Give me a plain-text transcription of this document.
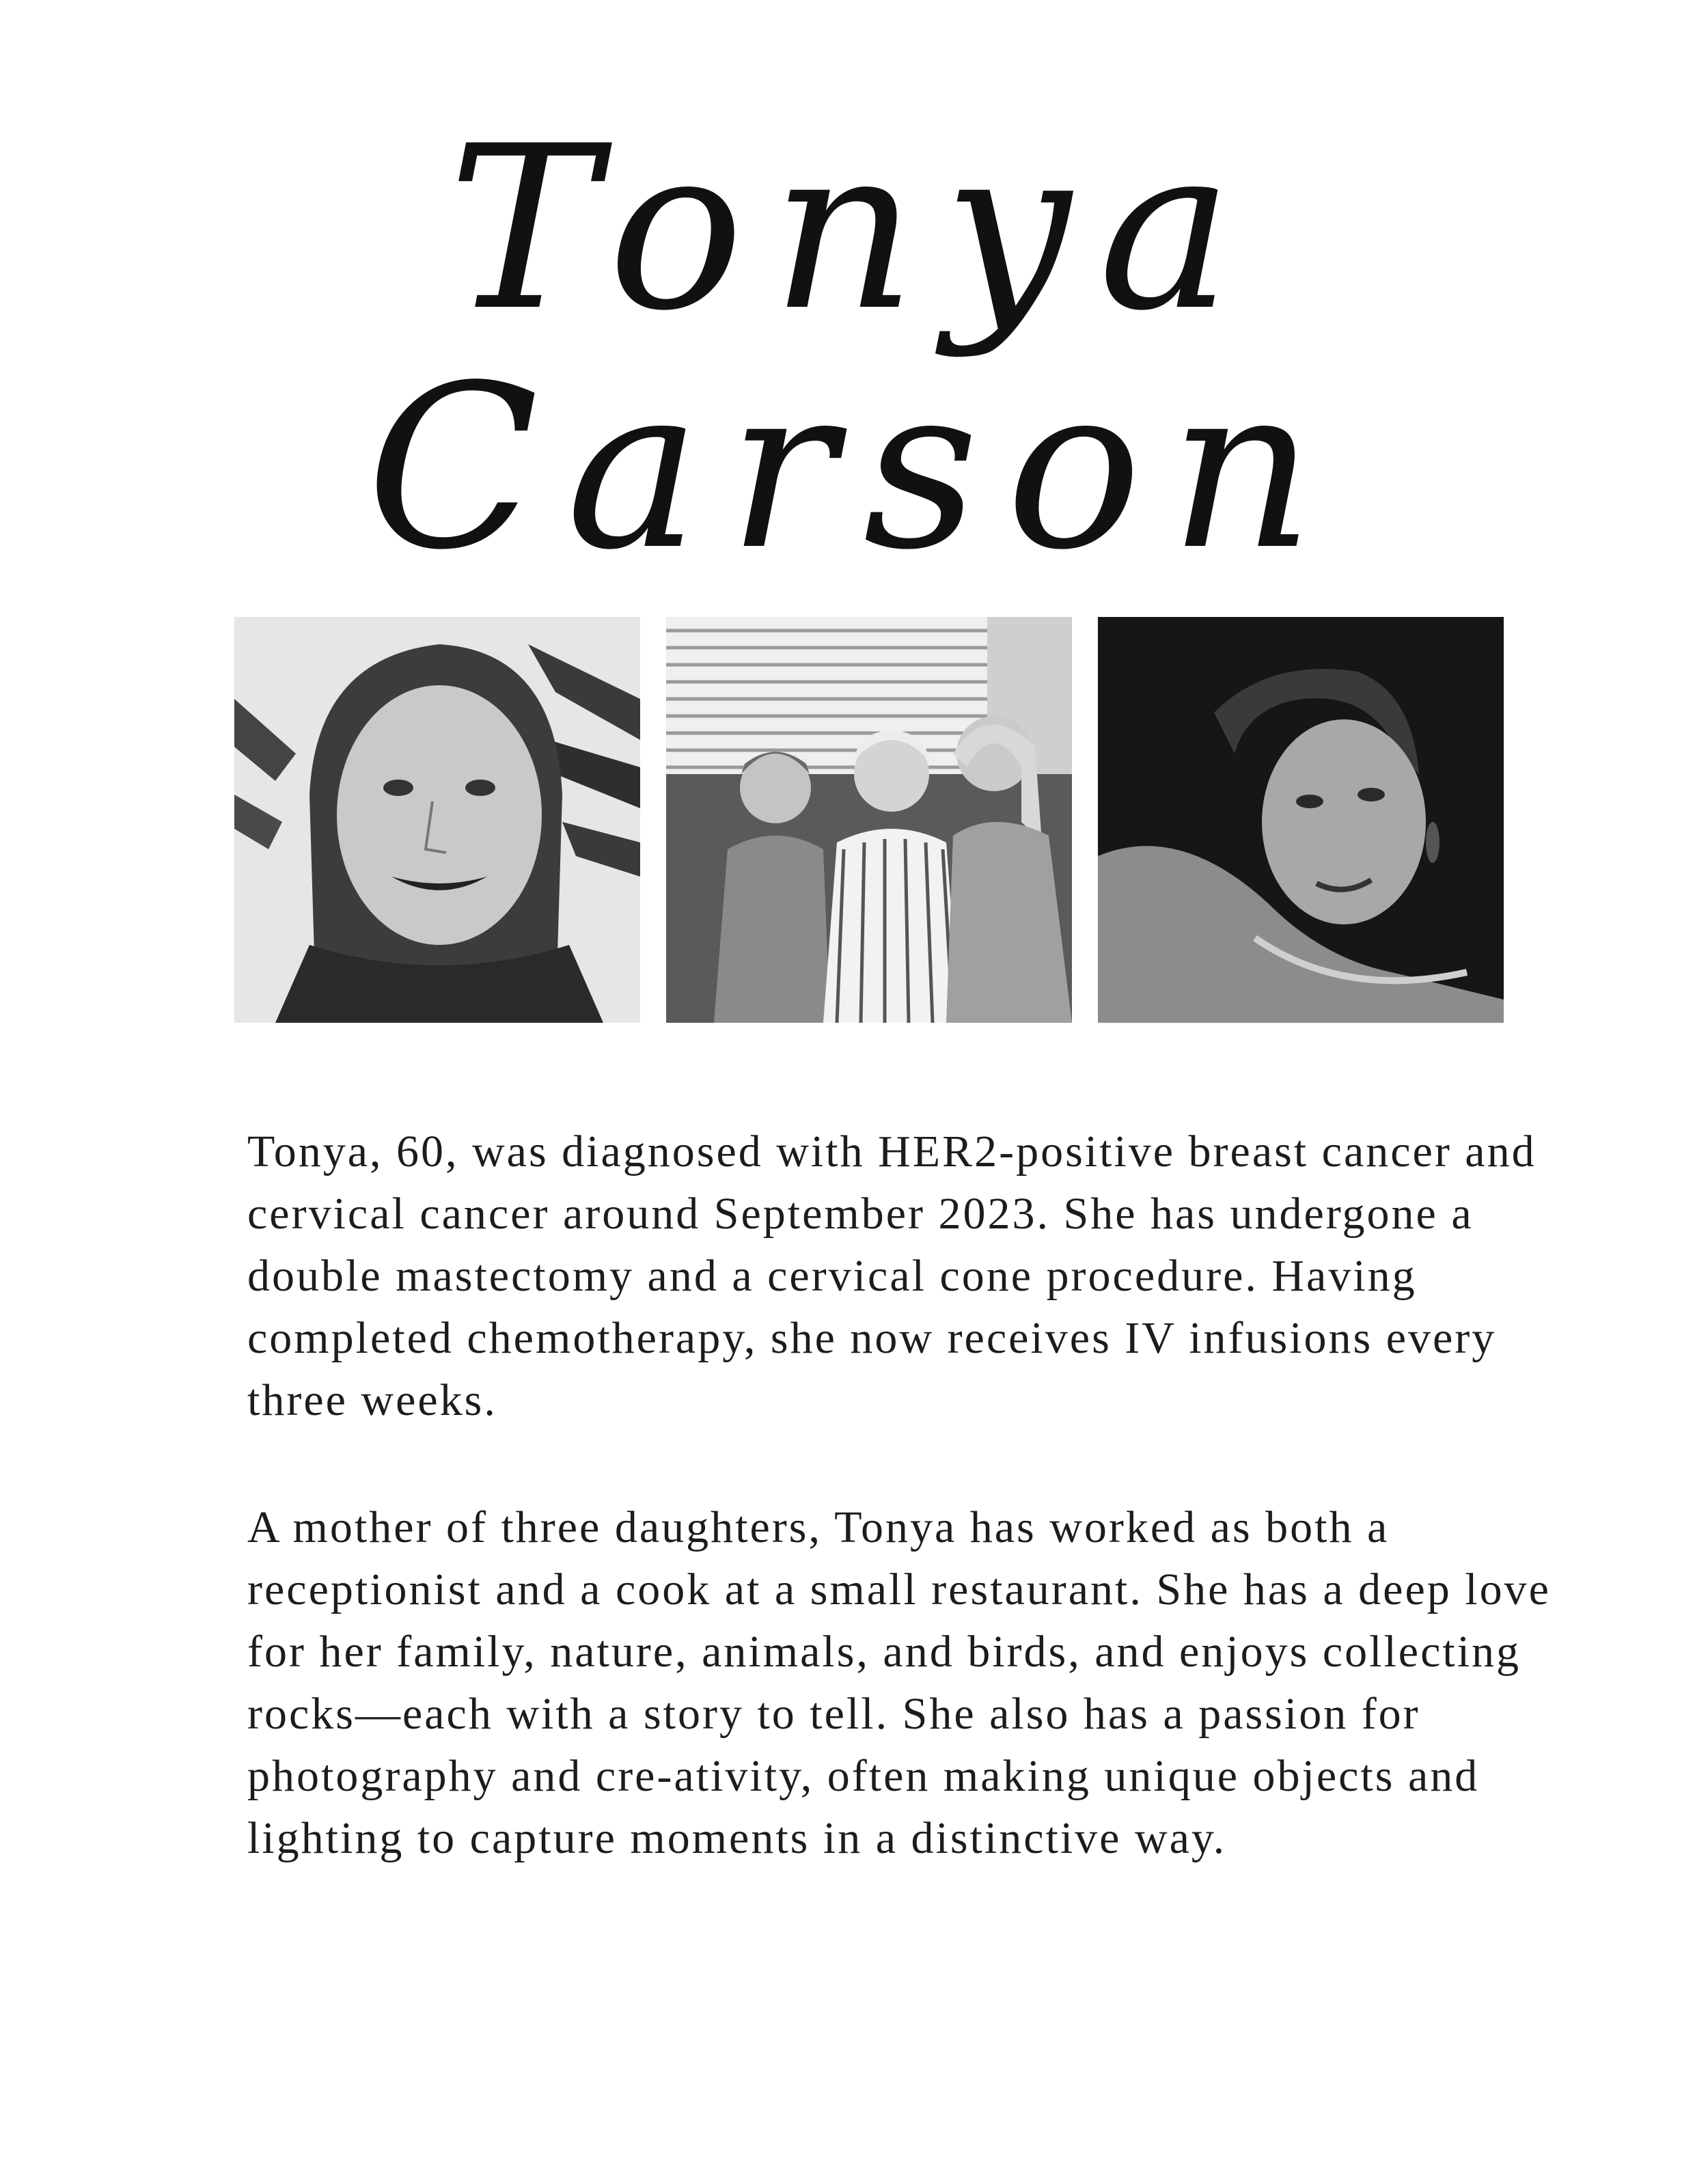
Tonya
Carson

Tonya, 60, was diagnosed with HER2-positive breast cancer and cervical cancer around September 2023. She has undergone a double mastectomy and a cervical cone procedure. Having completed chemotherapy, she now receives IV infusions every three weeks.

A mother of three daughters, Tonya has worked as both a receptionist and a cook at a small restaurant. She has a deep love for her family, nature, animals, and birds, and enjoys collecting rocks—each with a story to tell. She also has a passion for photography and cre-ativity, often making unique objects and lighting to capture moments in a distinctive way.
